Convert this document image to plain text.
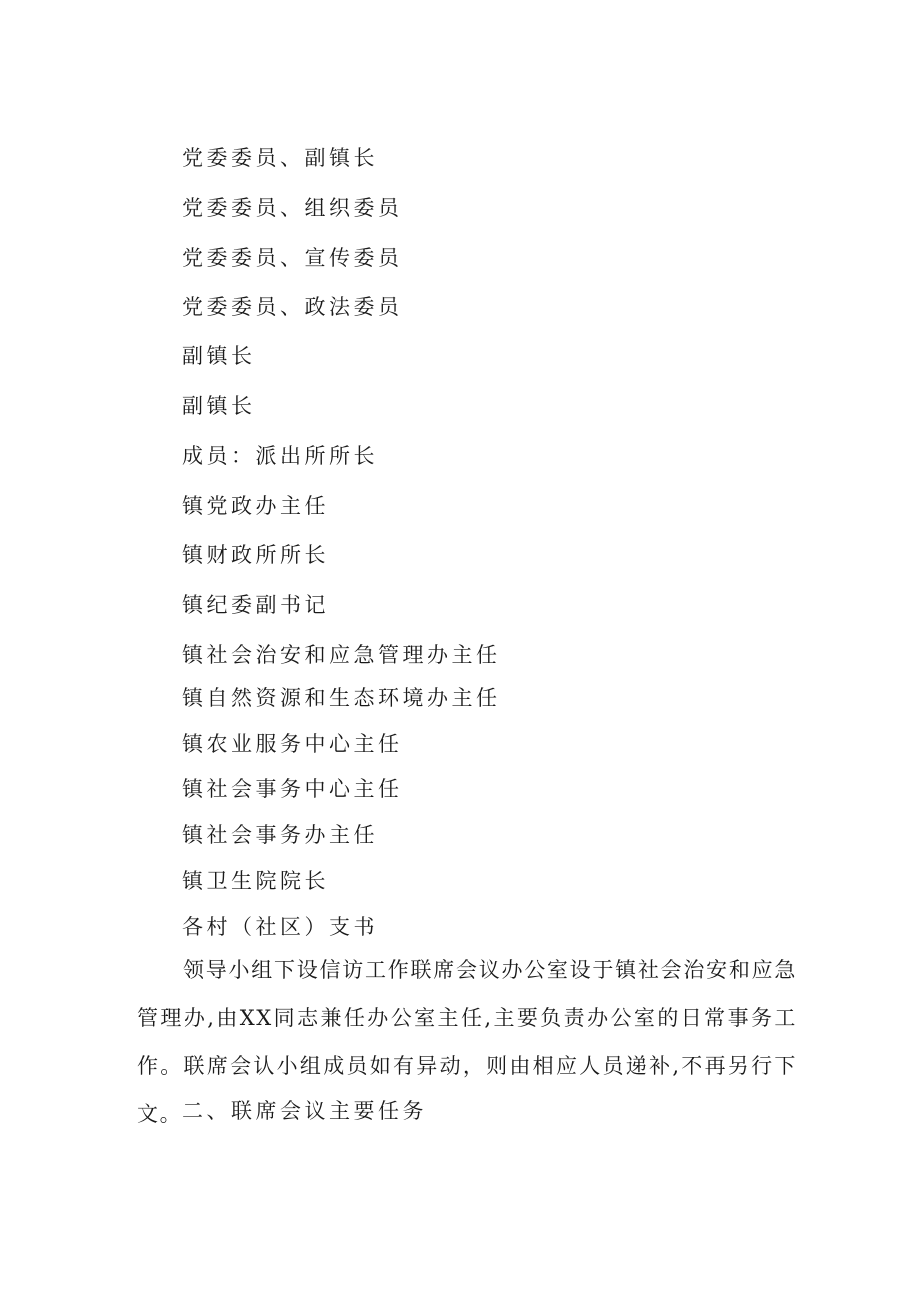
党委委员、副镇长
党委委员、组织委员
党委委员、宣传委员
党委委员、政法委员
副镇长
副镇长
成员：派出所所长
镇党政办主任
镇财政所所长
镇纪委副书记
镇社会治安和应急管理办主任
镇自然资源和生态环境办主任
镇农业服务中心主任
镇社会事务中心主任
镇社会事务办主任
镇卫生院院长
各村（社区）支书
领导小组下设信访工作联席会议办公室设于镇社会治安和应急管理办,由XX同志兼任办公室主任,主要负责办公室的日常事务工作。联席会认小组成员如有异动，则由相应人员递补,不再另行下文。 二、联席会议主要任务
